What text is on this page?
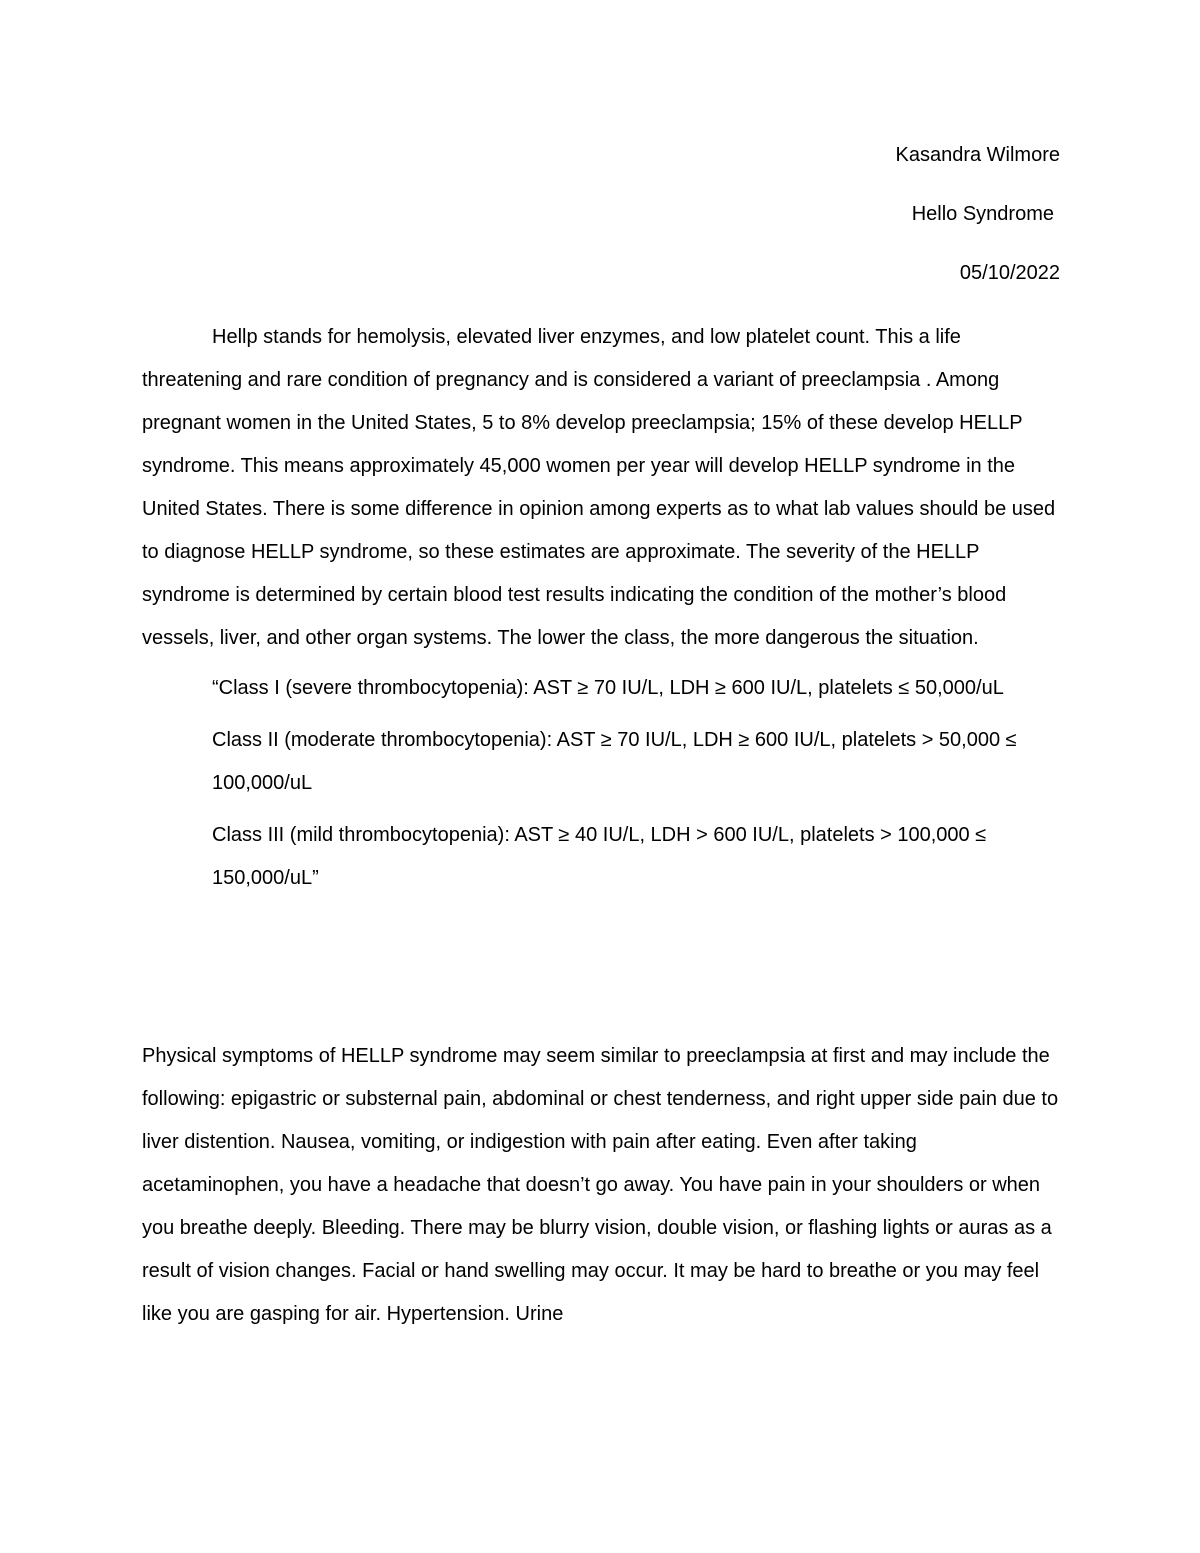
Kasandra Wilmore
Hello Syndrome
05/10/2022

Hellp stands for hemolysis, elevated liver enzymes, and low platelet count. This a life threatening and rare condition of pregnancy and is considered a variant of preeclampsia . Among pregnant women in the United States, 5 to 8% develop preeclampsia; 15% of these develop HELLP syndrome. This means approximately 45,000 women per year will develop HELLP syndrome in the United States. There is some difference in opinion among experts as to what lab values should be used to diagnose HELLP syndrome, so these estimates are approximate. The severity of the HELLP syndrome is determined by certain blood test results indicating the condition of the mother’s blood vessels, liver, and other organ systems. The lower the class, the more dangerous the situation.

“Class I (severe thrombocytopenia): AST ≥ 70 IU/L, LDH ≥ 600 IU/L, platelets ≤ 50,000/uL

Class II (moderate thrombocytopenia): AST ≥ 70 IU/L, LDH ≥ 600 IU/L, platelets > 50,000 ≤ 100,000/uL

Class III (mild thrombocytopenia): AST ≥ 40 IU/L, LDH > 600 IU/L, platelets > 100,000 ≤ 150,000/uL”

Physical symptoms of HELLP syndrome may seem similar to preeclampsia at first and may include the following: epigastric or substernal pain, abdominal or chest tenderness, and right upper side pain due to liver distention. Nausea, vomiting, or indigestion with pain after eating. Even after taking acetaminophen, you have a headache that doesn’t go away. You have pain in your shoulders or when you breathe deeply. Bleeding. There may be blurry vision, double vision, or flashing lights or auras as a result of vision changes. Facial or hand swelling may occur. It may be hard to breathe or you may feel like you are gasping for air. Hypertension. Urine
